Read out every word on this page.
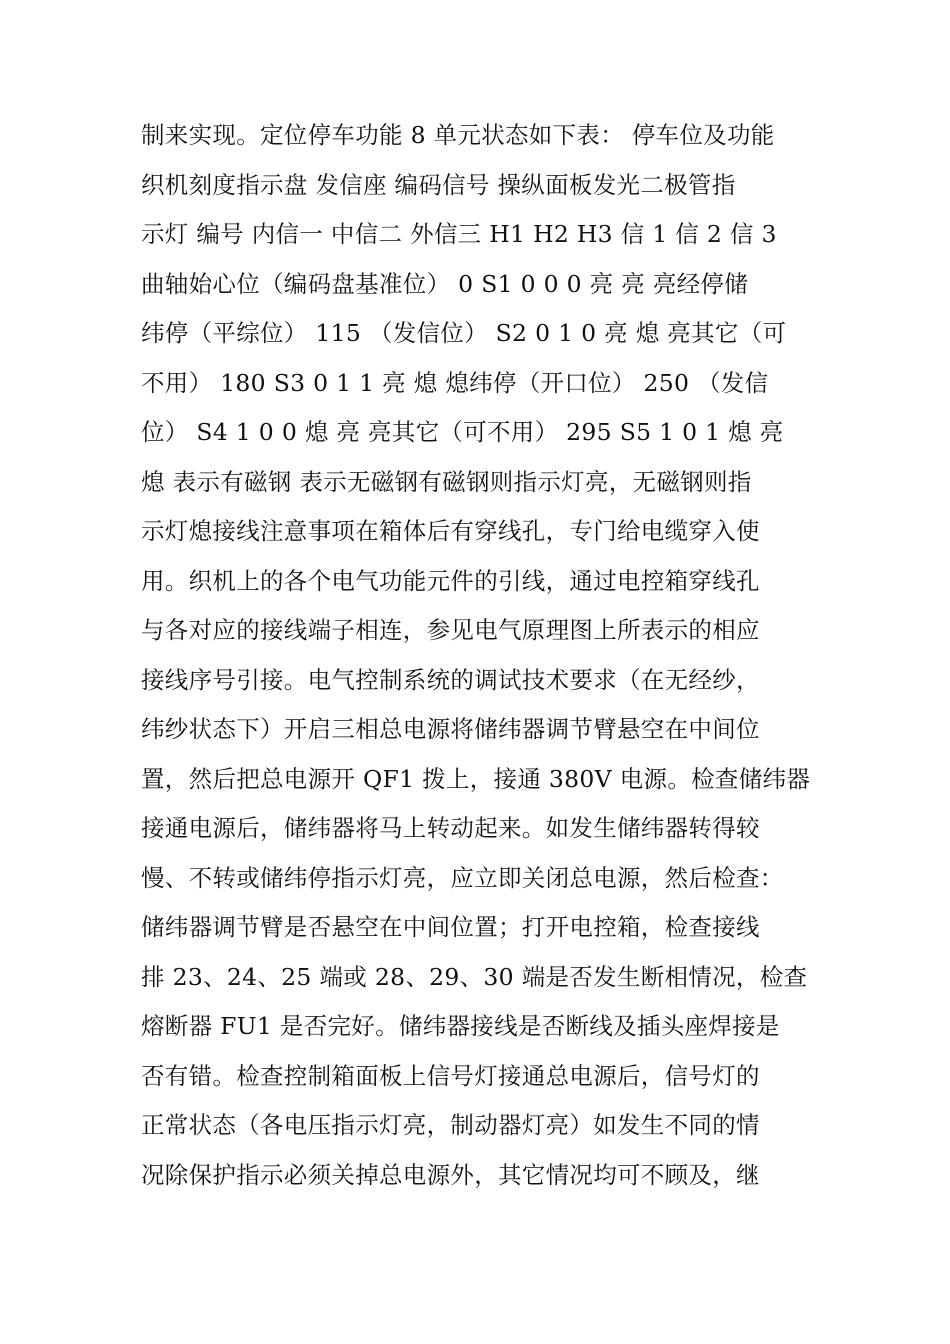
制来实现。定位停车功能 8 单元状态如下表： 停车位及功能
织机刻度指示盘 发信座 编码信号 操纵面板发光二极管指
示灯 编号 内信一 中信二 外信三 H1 H2 H3 信 1 信 2 信 3
曲轴始心位（编码盘基准位） 0 S1 0 0 0 亮 亮 亮经停储
纬停（平综位） 115 （发信位） S2 0 1 0 亮 熄 亮其它（可
不用） 180 S3 0 1 1 亮 熄 熄纬停（开口位） 250 （发信
位） S4 1 0 0 熄 亮 亮其它（可不用） 295 S5 1 0 1 熄 亮
熄 表示有磁钢 表示无磁钢有磁钢则指示灯亮，无磁钢则指
示灯熄接线注意事项在箱体后有穿线孔，专门给电缆穿入使
用。织机上的各个电气功能元件的引线，通过电控箱穿线孔
与各对应的接线端子相连，参见电气原理图上所表示的相应
接线序号引接。电气控制系统的调试技术要求（在无经纱，
纬纱状态下）开启三相总电源将储纬器调节臂悬空在中间位
置，然后把总电源开 QF1 拨上，接通 380V 电源。检查储纬器
接通电源后，储纬器将马上转动起来。如发生储纬器转得较
慢、不转或储纬停指示灯亮，应立即关闭总电源，然后检查：
储纬器调节臂是否悬空在中间位置；打开电控箱，检查接线
排 23、24、25 端或 28、29、30 端是否发生断相情况，检查
熔断器 FU1 是否完好。储纬器接线是否断线及插头座焊接是
否有错。检查控制箱面板上信号灯接通总电源后，信号灯的
正常状态（各电压指示灯亮，制动器灯亮）如发生不同的情
况除保护指示必须关掉总电源外，其它情况均可不顾及，继
